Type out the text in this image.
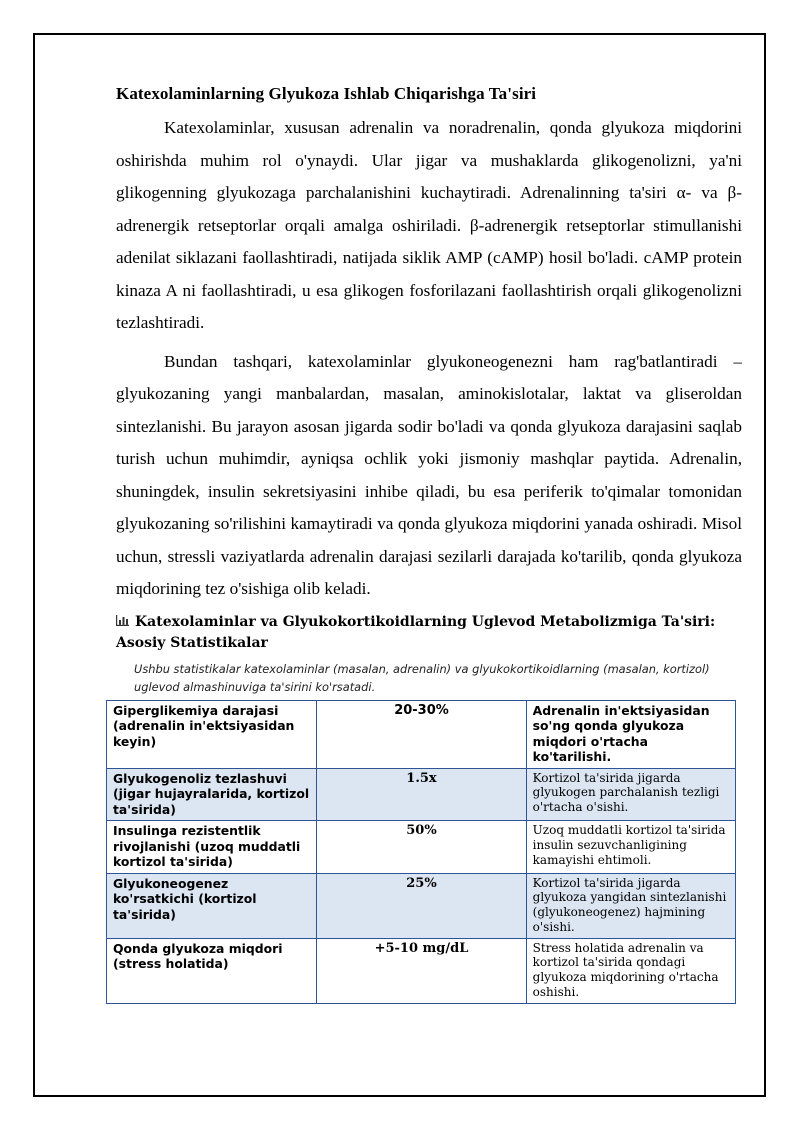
Katexolaminlarning Glyukoza Ishlab Chiqarishga Ta'siri

Katexolaminlar, xususan adrenalin va noradrenalin, qonda glyukoza miqdorini oshirishda muhim rol o'ynaydi. Ular jigar va mushaklarda glikogenolizni, ya'ni glikogenning glyukozaga parchalanishini kuchaytiradi. Adrenalinning ta'siri α- va β-adrenergik retseptorlar orqali amalga oshiriladi. β-adrenergik retseptorlar stimullanishi adenilat siklazani faollashtiradi, natijada siklik AMP (cAMP) hosil bo'ladi. cAMP protein kinaza A ni faollashtiradi, u esa glikogen fosforilazani faollashtirish orqali glikogenolizni tezlashtiradi.

Bundan tashqari, katexolaminlar glyukoneogenezni ham rag'batlantiradi – glyukozaning yangi manbalardan, masalan, aminokislotalar, laktat va gliseroldan sintezlanishi. Bu jarayon asosan jigarda sodir bo'ladi va qonda glyukoza darajasini saqlab turish uchun muhimdir, ayniqsa ochlik yoki jismoniy mashqlar paytida. Adrenalin, shuningdek, insulin sekretsiyasini inhibe qiladi, bu esa periferik to'qimalar tomonidan glyukozaning so'rilishini kamaytiradi va qonda glyukoza miqdorini yanada oshiradi. Misol uchun, stressli vaziyatlarda adrenalin darajasi sezilarli darajada ko'tarilib, qonda glyukoza miqdorining tez o'sishiga olib keladi.

Katexolaminlar va Glyukokortikoidlarning Uglevod Metabolizmiga Ta'siri: Asosiy Statistikalar
Ushbu statistikalar katexolaminlar (masalan, adrenalin) va glyukokortikoidlarning (masalan, kortizol) uglevod almashinuviga ta'sirini ko'rsatadi.
Giperglikemiya darajasi (adrenalin in'ektsiyasidan keyin)	20-30%	Adrenalin in'ektsiyasidan so'ng qonda glyukoza miqdori o'rtacha ko'tarilishi.
Glyukogenoliz tezlashuvi (jigar hujayralarida, kortizol ta'sirida)	1.5x	Kortizol ta'sirida jigarda glyukogen parchalanish tezligi o'rtacha o'sishi.
Insulinga rezistentlik rivojlanishi (uzoq muddatli kortizol ta'sirida)	50%	Uzoq muddatli kortizol ta'sirida insulin sezuvchanligining kamayishi ehtimoli.
Glyukoneogenez ko'rsatkichi (kortizol ta'sirida)	25%	Kortizol ta'sirida jigarda glyukoza yangidan sintezlanishi (glyukoneogenez) hajmining o'sishi.
Qonda glyukoza miqdori (stress holatida)	+5-10 mg/dL	Stress holatida adrenalin va kortizol ta'sirida qondagi glyukoza miqdorining o'rtacha oshishi.
